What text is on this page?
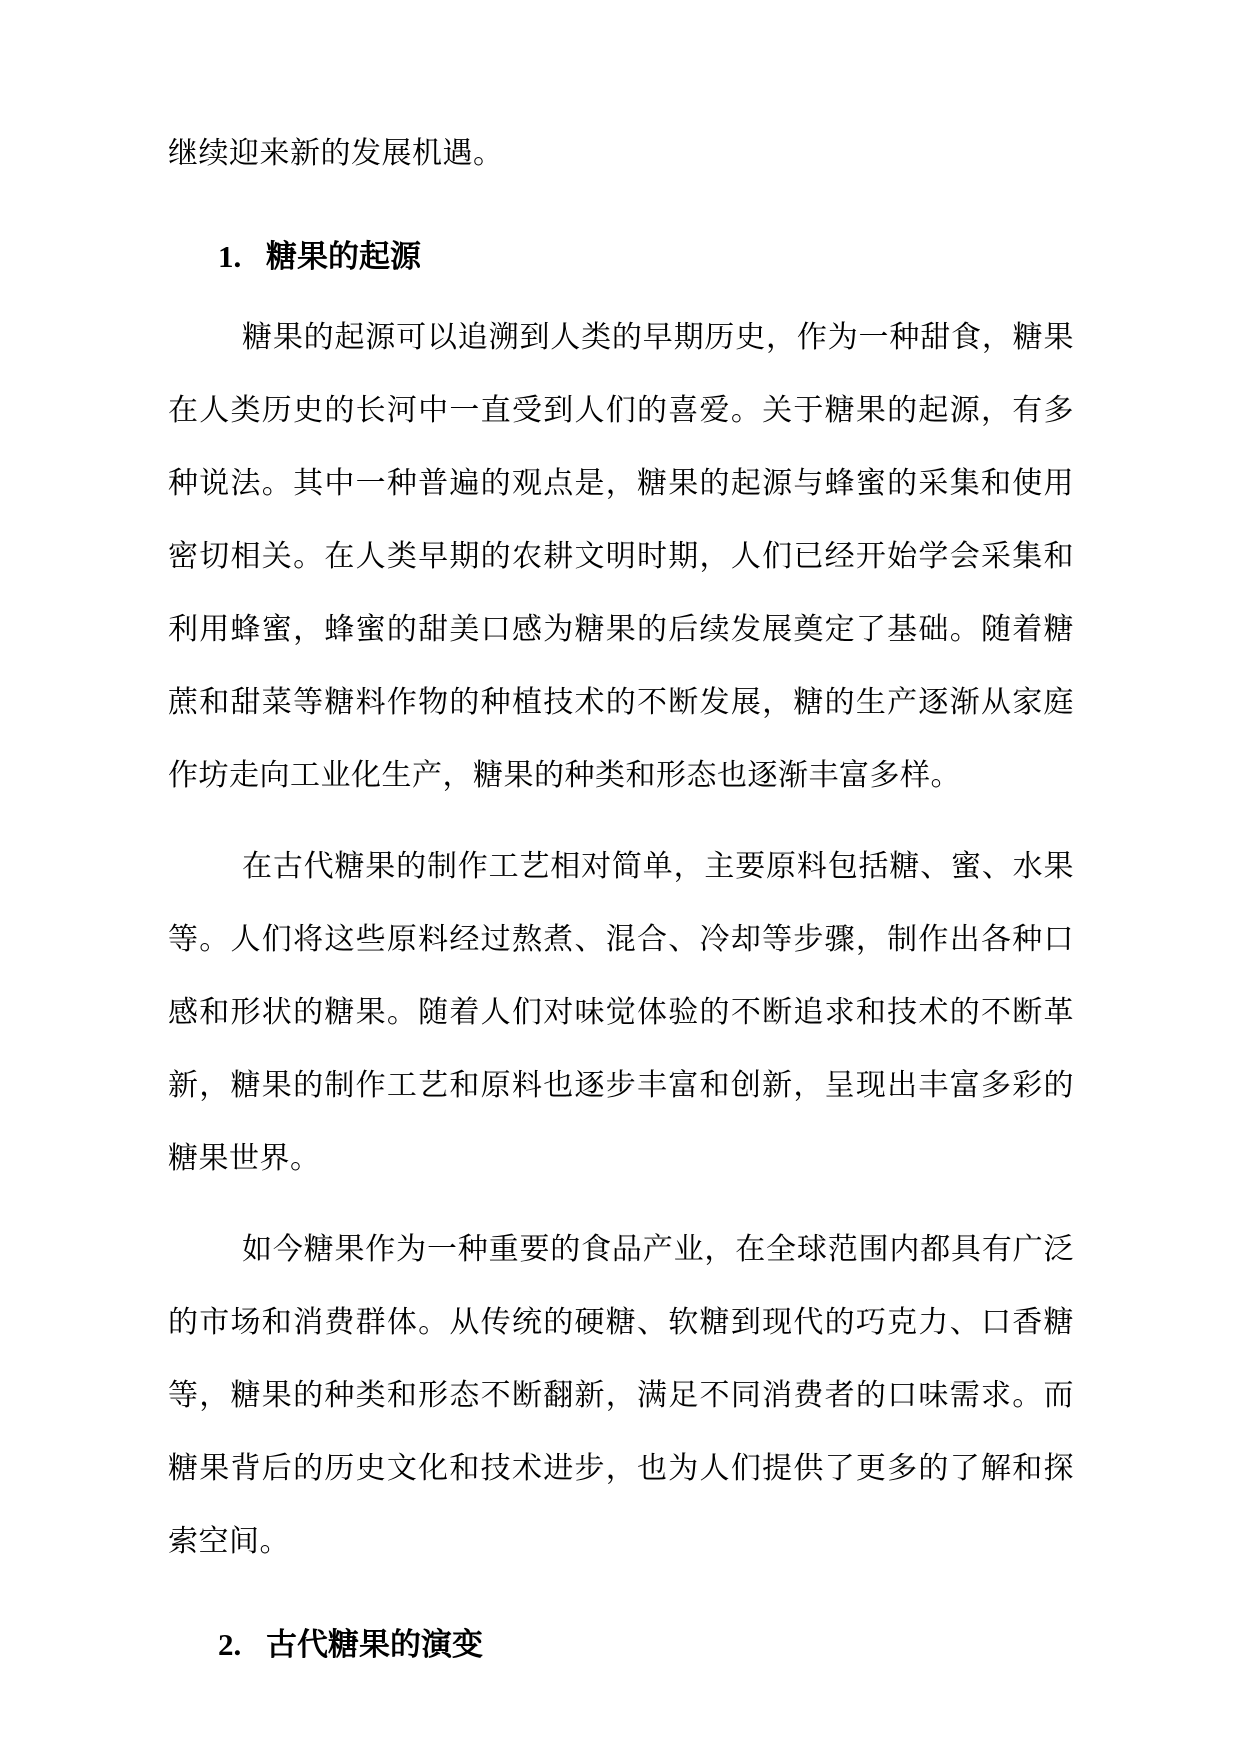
继续迎来新的发展机遇。

1. 糖果的起源

糖果的起源可以追溯到人类的早期历史，作为一种甜食，糖果在人类历史的长河中一直受到人们的喜爱。关于糖果的起源，有多种说法。其中一种普遍的观点是，糖果的起源与蜂蜜的采集和使用密切相关。在人类早期的农耕文明时期，人们已经开始学会采集和利用蜂蜜，蜂蜜的甜美口感为糖果的后续发展奠定了基础。随着糖蔗和甜菜等糖料作物的种植技术的不断发展，糖的生产逐渐从家庭作坊走向工业化生产，糖果的种类和形态也逐渐丰富多样。

在古代糖果的制作工艺相对简单，主要原料包括糖、蜜、水果等。人们将这些原料经过熬煮、混合、冷却等步骤，制作出各种口感和形状的糖果。随着人们对味觉体验的不断追求和技术的不断革新，糖果的制作工艺和原料也逐步丰富和创新，呈现出丰富多彩的糖果世界。

如今糖果作为一种重要的食品产业，在全球范围内都具有广泛的市场和消费群体。从传统的硬糖、软糖到现代的巧克力、口香糖等，糖果的种类和形态不断翻新，满足不同消费者的口味需求。而糖果背后的历史文化和技术进步，也为人们提供了更多的了解和探索空间。

2. 古代糖果的演变
